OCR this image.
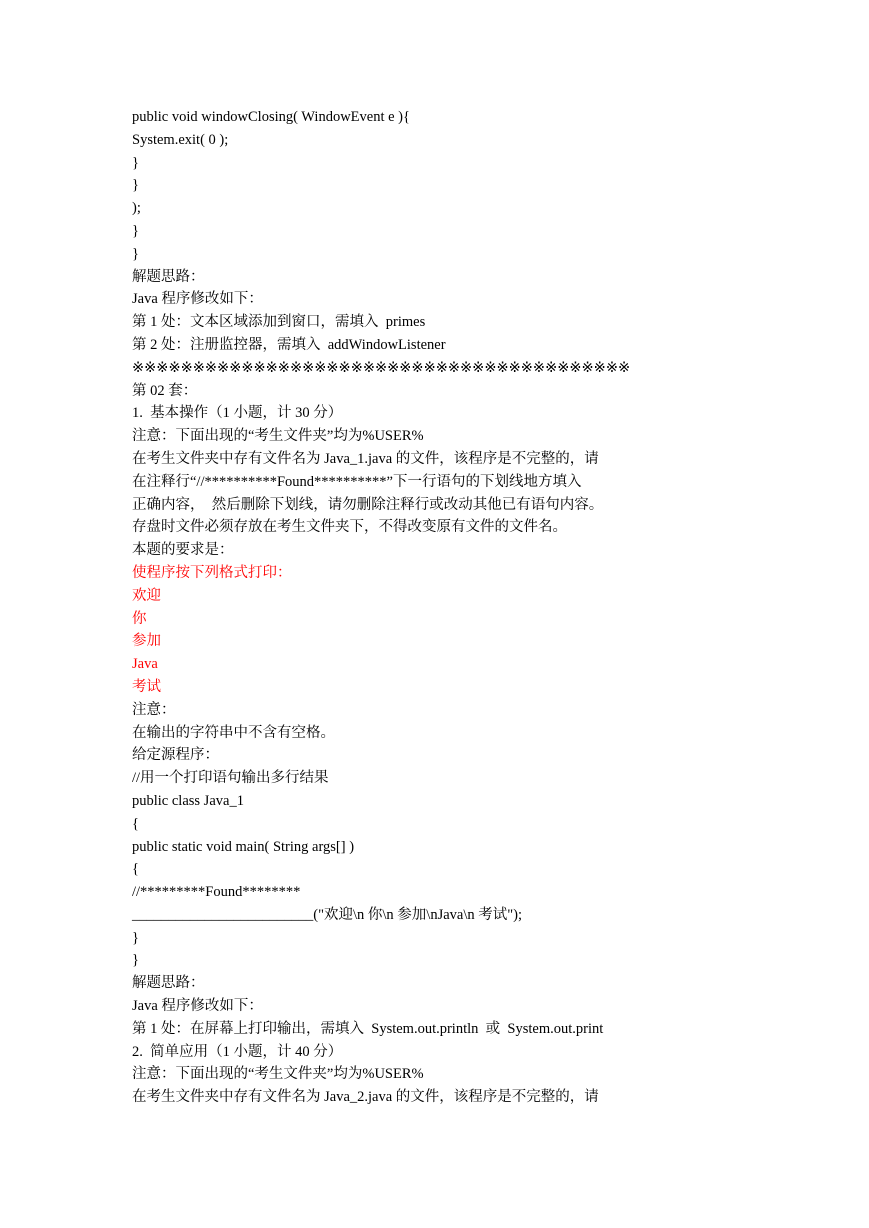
public void windowClosing( WindowEvent e ){

System.exit( 0 );

}

}

);

}

}

解题思路：

Java 程序修改如下：

第 1 处：文本区域添加到窗口，需填入  primes

第 2 处：注册监控器，需填入  addWindowListener

※※※※※※※※※※※※※※※※※※※※※※※※※※※※※※※※※※※※※※※※※

第 02 套：

1.  基本操作（1 小题，计 30 分）

注意：下面出现的“考生文件夹”均为%USER%

在考生文件夹中存有文件名为 Java_1.java 的文件，该程序是不完整的，请

在注释行“//**********Found**********”下一行语句的下划线地方填入

正确内容，  然后删除下划线，请勿删除注释行或改动其他已有语句内容。

存盘时文件必须存放在考生文件夹下，不得改变原有文件的文件名。

本题的要求是：

使程序按下列格式打印：

欢迎

你

参加

Java

考试

注意：

在输出的字符串中不含有空格。

给定源程序：

//用一个打印语句输出多行结果

public class Java_1

{

public static void main( String args[] )

{

//*********Found********

_________________________("欢迎\n 你\n 参加\nJava\n 考试");

}

}

解题思路：

Java 程序修改如下：

第 1 处：在屏幕上打印输出，需填入  System.out.println  或  System.out.print

2.  简单应用（1 小题，计 40 分）

注意：下面出现的“考生文件夹”均为%USER%

在考生文件夹中存有文件名为 Java_2.java 的文件，该程序是不完整的，请
